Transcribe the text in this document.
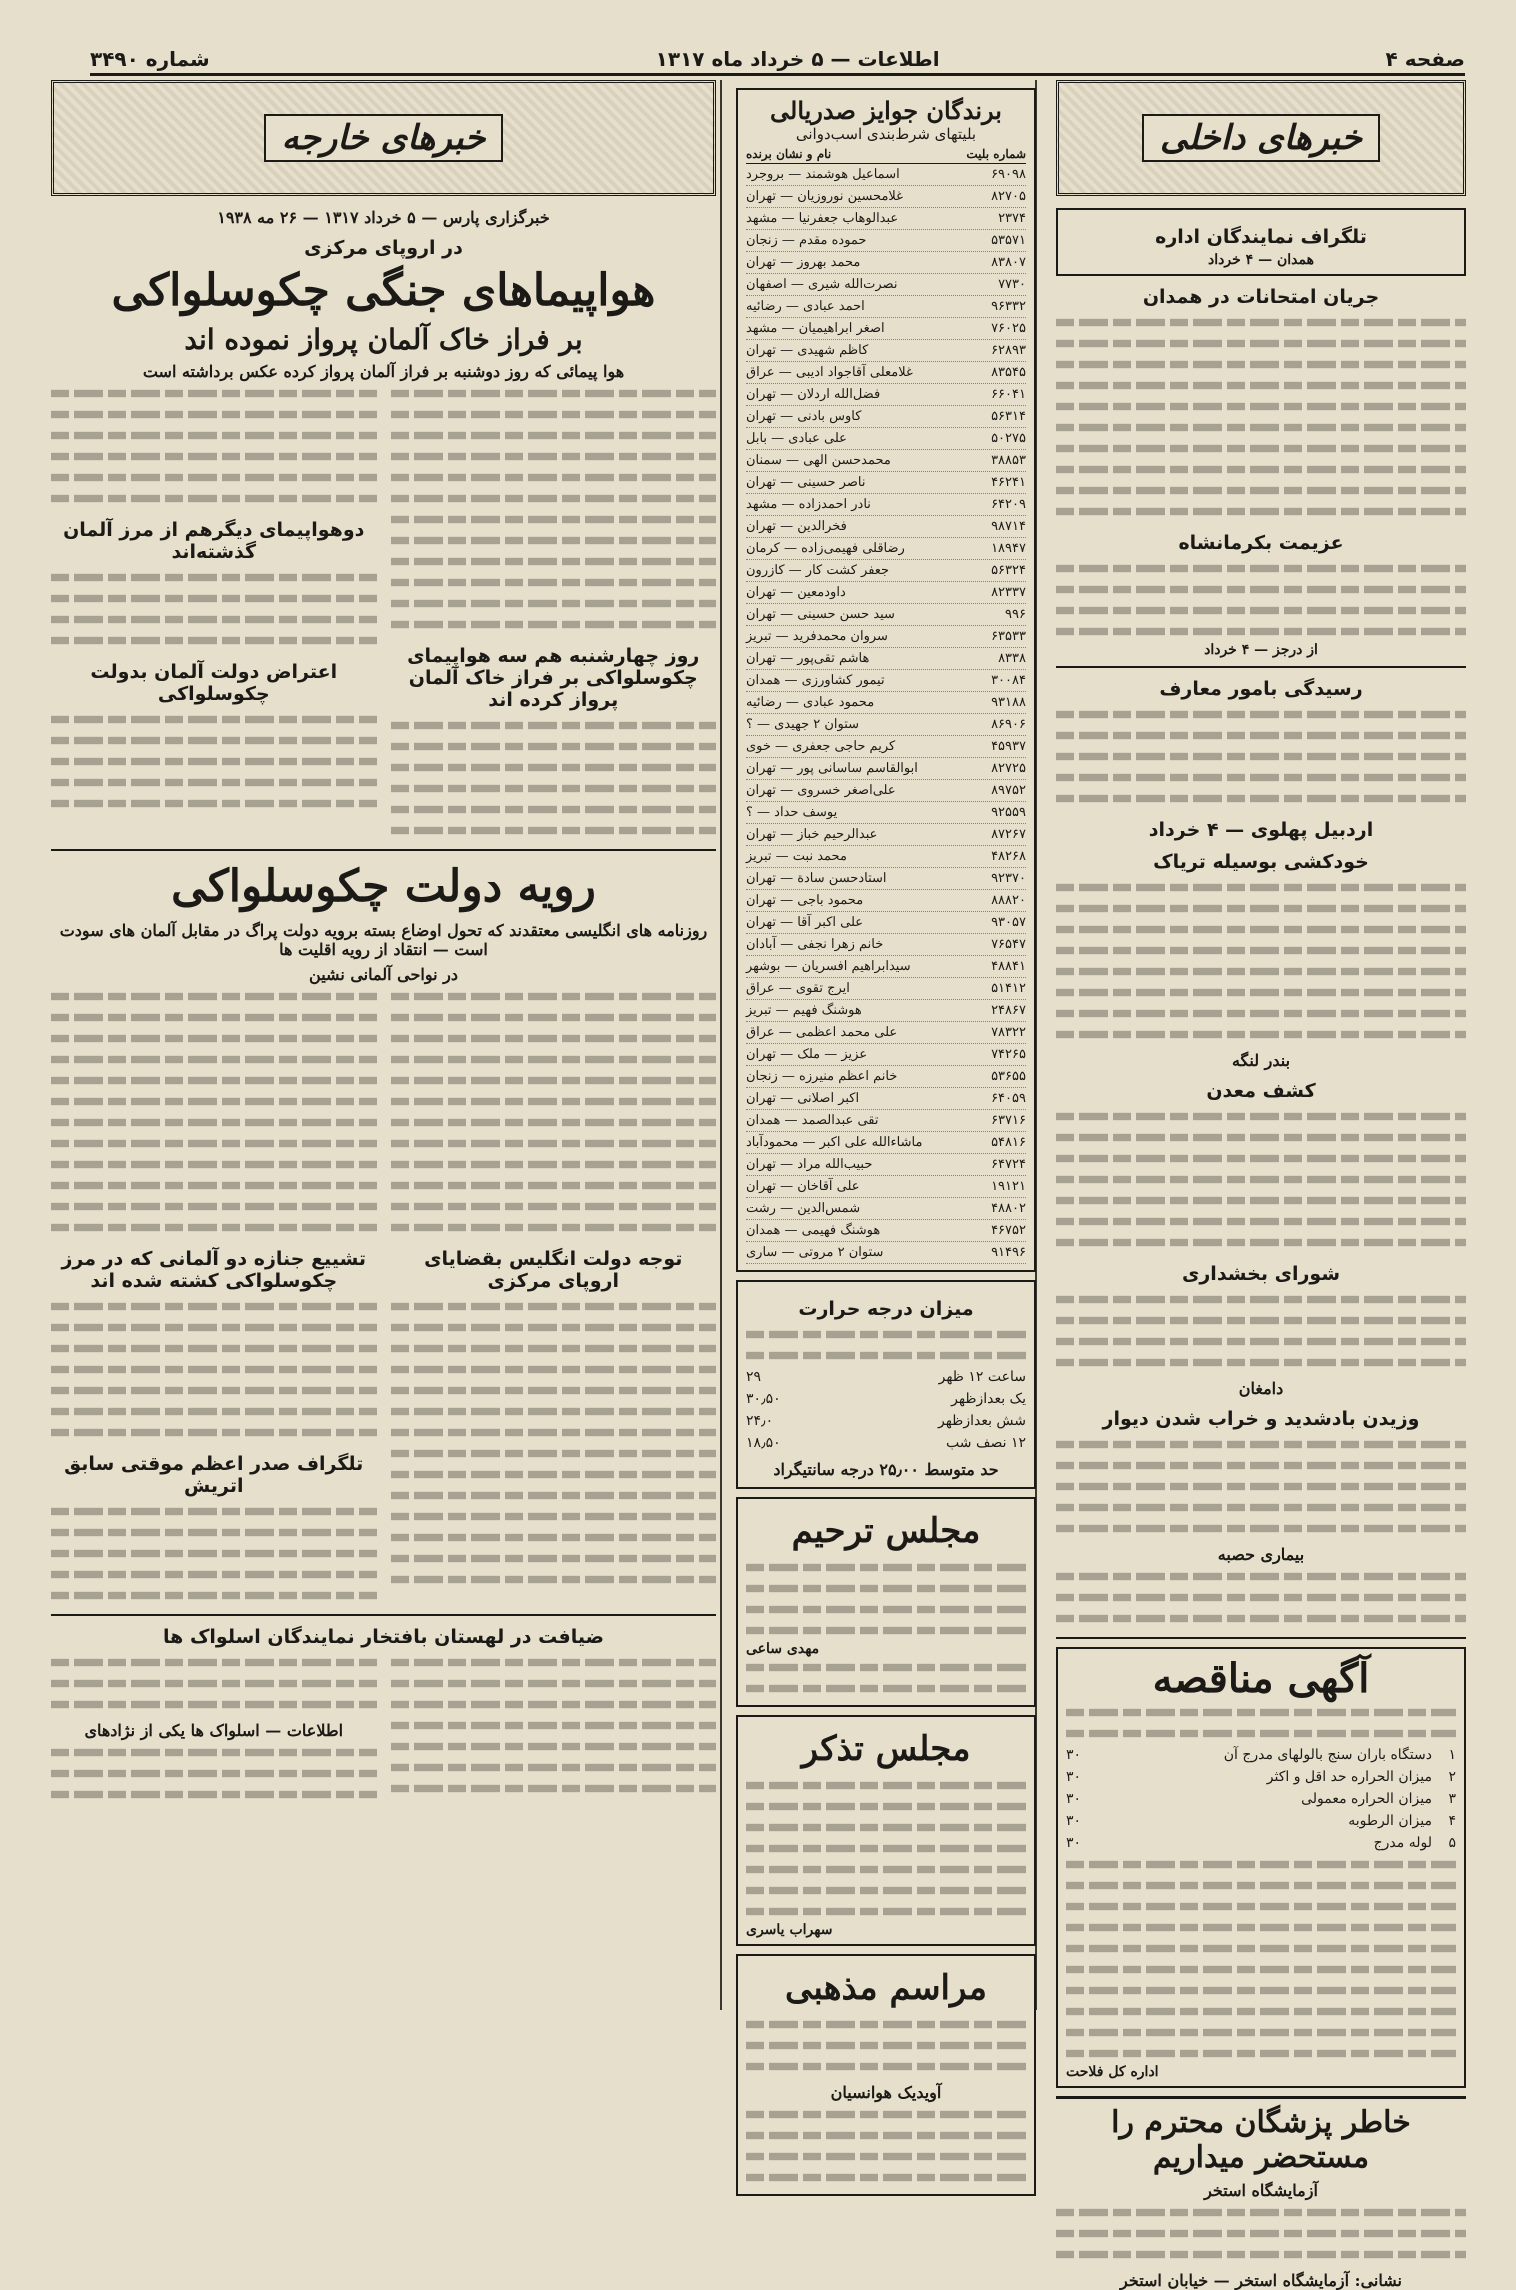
صفحه ۴
اطلاعات — ۵ خرداد ماه ۱۳۱۷
شماره ۳۴۹۰
خبرهای داخلی
تلگراف نمایندگان اداره
همدان — ۴ خرداد
جریان امتحانات در همدان
عزیمت بکرمانشاه
از درجز — ۴ خرداد
رسیدگی بامور معارف
اردبیل پهلوی — ۴ خرداد
خودکشی بوسیله تریاک
بندر لنگه
کشف معدن
شورای بخشداری
دامغان
وزیدن بادشدید و خراب شدن دیوار
بیماری حصبه
آگهی مناقصه
۱
دستگاه باران سنج بالولهای مدرج آن
۳۰
۲
میزان الحراره حد اقل و اکثر
۳۰
۳
میزان الحراره معمولی
۳۰
۴
میزان الرطوبه
۳۰
۵
لوله مدرج
۳۰
اداره کل فلاحت
خاطر پزشگان محترم را مستحضر میداریم
آزمایشگاه استخر
نشانی: آزمایشگاه استخر — خیابان استخر
برندگان جوایز صدریالی
بلیتهای شرط‌بندی اسب‌دوانی
شماره بلیت
نام و نشان برنده
۶۹۰۹۸
اسماعیل هوشمند — بروجرد
۸۲۷۰۵
غلامحسین نوروزیان — تهران
۲۳۷۴
عبدالوهاب جعفرنیا — مشهد
۵۳۵۷۱
حموده مقدم — زنجان
۸۳۸۰۷
محمد بهروز — تهران
۷۷۳۰
نصرت‌الله شیری — اصفهان
۹۶۳۳۲
احمد عبادی — رضائیه
۷۶۰۲۵
اصغر ابراهیمیان — مشهد
۶۲۸۹۳
کاظم شهیدی — تهران
۸۳۵۴۵
غلامعلی آقاجواد ادیبی — عراق
۶۶۰۴۱
فضل‌الله اردلان — تهران
۵۶۳۱۴
کاوس بادنی — تهران
۵۰۲۷۵
علی عبادی — بابل
۳۸۸۵۳
محمدحسن الهی — سمنان
۴۶۲۴۱
ناصر حسینی — تهران
۶۴۲۰۹
نادر احمدزاده — مشهد
۹۸۷۱۴
فخرالدین — تهران
۱۸۹۴۷
رضاقلی فهیمی‌زاده — کرمان
۵۶۳۲۴
جعفر کشت کار — کازرون
۸۲۳۳۷
داودمعین — تهران
۹۹۶
سید حسن حسینی — تهران
۶۳۵۳۳
سروان محمدفرید — تبریز
۸۳۳۸
هاشم تقی‌پور — تهران
۳۰۰۸۴
تیمور کشاورزی — همدان
۹۳۱۸۸
محمود عبادی — رضائیه
۸۶۹۰۶
ستوان ۲ جهیدی — ؟
۴۵۹۳۷
کریم حاجی جعفری — خوی
۸۲۷۲۵
ابوالقاسم ساسانی پور — تهران
۸۹۷۵۲
علی‌اصغر خسروی — تهران
۹۲۵۵۹
یوسف حداد — ؟
۸۷۲۶۷
عبدالرحیم خباز — تهران
۴۸۲۶۸
محمد نبت — تبریز
۹۲۳۷۰
استادحسن سادة — تهران
۸۸۸۲۰
محمود باجی — تهران
۹۳۰۵۷
علی اکبر آقا — تهران
۷۶۵۴۷
خانم زهرا نجفی — آبادان
۴۸۸۴۱
سیدابراهیم افسریان — بوشهر
۵۱۴۱۲
ایرج تقوی — عراق
۲۴۸۶۷
هوشنگ فهیم — تبریز
۷۸۳۲۲
علی محمد اعظمی — عراق
۷۴۲۶۵
عزیز — ملک — تهران
۵۳۶۵۵
خانم اعظم منیرزه — زنجان
۶۴۰۵۹
اکبر اصلانی — تهران
۶۳۷۱۶
تقی عبدالصمد — همدان
۵۴۸۱۶
ماشاءالله علی اکبر — محمودآباد
۶۴۷۲۴
حبیب‌الله مراد — تهران
۱۹۱۲۱
علی آقاخان — تهران
۴۸۸۰۲
شمس‌الدین — رشت
۴۶۷۵۲
هوشنگ فهیمی — همدان
۹۱۴۹۶
ستوان ۲ مروتی — ساری
میزان درجه حرارت
ساعت ۱۲ ظهر
۲۹
یک بعدازظهر
۳۰٫۵۰
شش بعدازظهر
۲۴٫۰
۱۲ نصف شب
۱۸٫۵۰
حد متوسط ۲۵٫۰۰ درجه سانتیگراد
مجلس ترحیم
مهدی ساعی
مجلس تذکر
سهراب یاسری
مراسم مذهبی
آویدیک هوانسیان
خبرهای خارجه
خبرگزاری پارس — ۵ خرداد ۱۳۱۷ — ۲۶ مه ۱۹۳۸
در اروپای مرکزی
هواپیماهای جنگی چکوسلواکی
بر فراز خاک آلمان پرواز نموده اند
هوا پیمائی که روز دوشنبه بر فراز آلمان پرواز کرده عکس برداشته است
روز چهارشنبه هم سه هواپیمای چکوسلواکی بر فراز خاک آلمان پرواز کرده اند
دوهواپیمای دیگرهم از مرز آلمان گذشته‌اند
اعتراض دولت آلمان بدولت چکوسلواکی
رویه دولت چکوسلواکی
روزنامه های انگلیسی معتقدند که تحول اوضاع بسته برویه دولت پراگ در مقابل آلمان های سودت است — انتقاد از رویه اقلیت ها
در نواحی آلمانی نشین
توجه دولت انگلیس بقضایای اروپای مرکزی
تشییع جنازه دو آلمانی که در مرز چکوسلواکی کشته شده اند
تلگراف صدر اعظم موقتی سابق اتریش
ضیافت در لهستان بافتخار نمایندگان اسلواک ها
اطلاعات — اسلواک ها یکی از نژادهای
